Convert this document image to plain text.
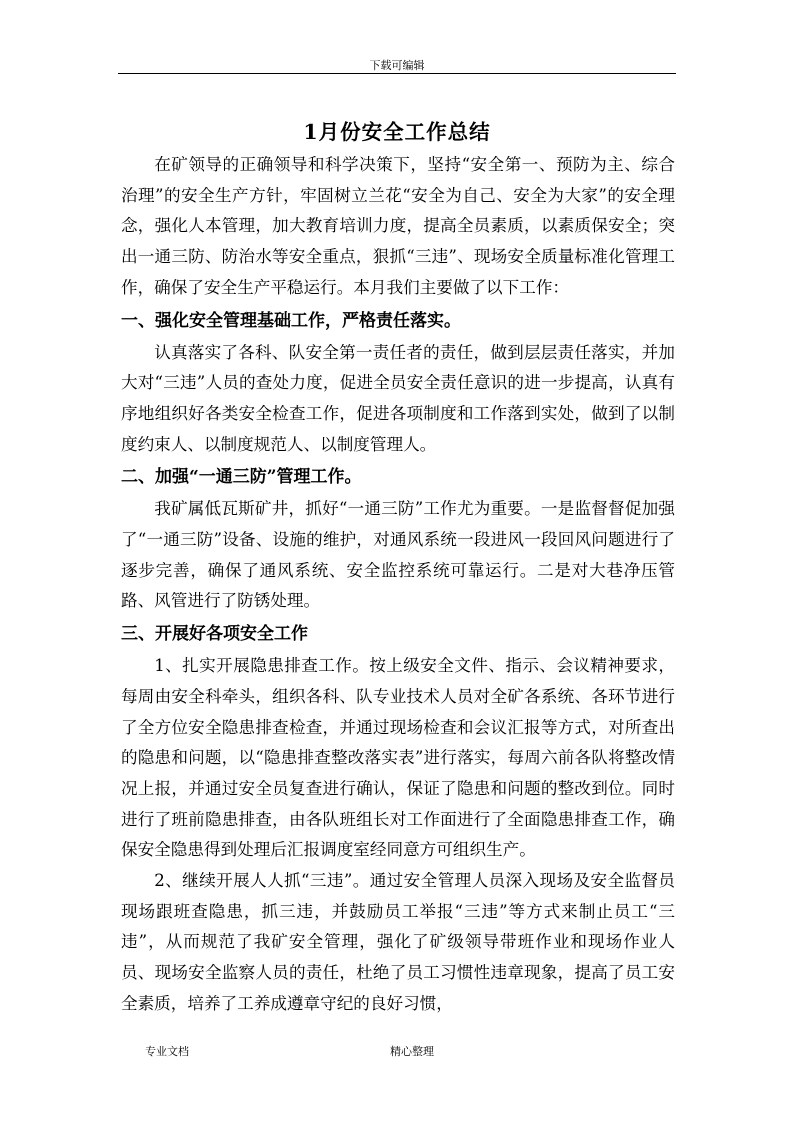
下载可编辑
1月份安全工作总结

在矿领导的正确领导和科学决策下，坚持“安全第一、预防为主、综合治理”的安全生产方针，牢固树立兰花“安全为自己、安全为大家”的安全理念，强化人本管理，加大教育培训力度，提高全员素质，以素质保安全；突出一通三防、防治水等安全重点，狠抓“三违”、现场安全质量标准化管理工作，确保了安全生产平稳运行。本月我们主要做了以下工作：

一、强化安全管理基础工作，严格责任落实。

认真落实了各科、队安全第一责任者的责任，做到层层责任落实，并加大对“三违”人员的查处力度，促进全员安全责任意识的进一步提高，认真有序地组织好各类安全检查工作，促进各项制度和工作落到实处，做到了以制度约束人、以制度规范人、以制度管理人。

二、加强“一通三防”管理工作。

我矿属低瓦斯矿井，抓好“一通三防”工作尤为重要。一是监督督促加强了“一通三防”设备、设施的维护，对通风系统一段进风一段回风问题进行了逐步完善，确保了通风系统、安全监控系统可靠运行。二是对大巷净压管路、风管进行了防锈处理。

三、开展好各项安全工作

1、扎实开展隐患排查工作。按上级安全文件、指示、会议精神要求，每周由安全科牵头，组织各科、队专业技术人员对全矿各系统、各环节进行了全方位安全隐患排查检查，并通过现场检查和会议汇报等方式，对所查出的隐患和问题，以“隐患排查整改落实表”进行落实，每周六前各队将整改情况上报，并通过安全员复查进行确认，保证了隐患和问题的整改到位。同时进行了班前隐患排查，由各队班组长对工作面进行了全面隐患排查工作，确保安全隐患得到处理后汇报调度室经同意方可组织生产。

2、继续开展人人抓“三违”。通过安全管理人员深入现场及安全监督员现场跟班查隐患，抓三违，并鼓励员工举报“三违”等方式来制止员工“三违”，从而规范了我矿安全管理，强化了矿级领导带班作业和现场作业人员、现场安全监察人员的责任，杜绝了员工习惯性违章现象，提高了员工安全素质，培养了工养成遵章守纪的良好习惯，

专业文档	精心整理
